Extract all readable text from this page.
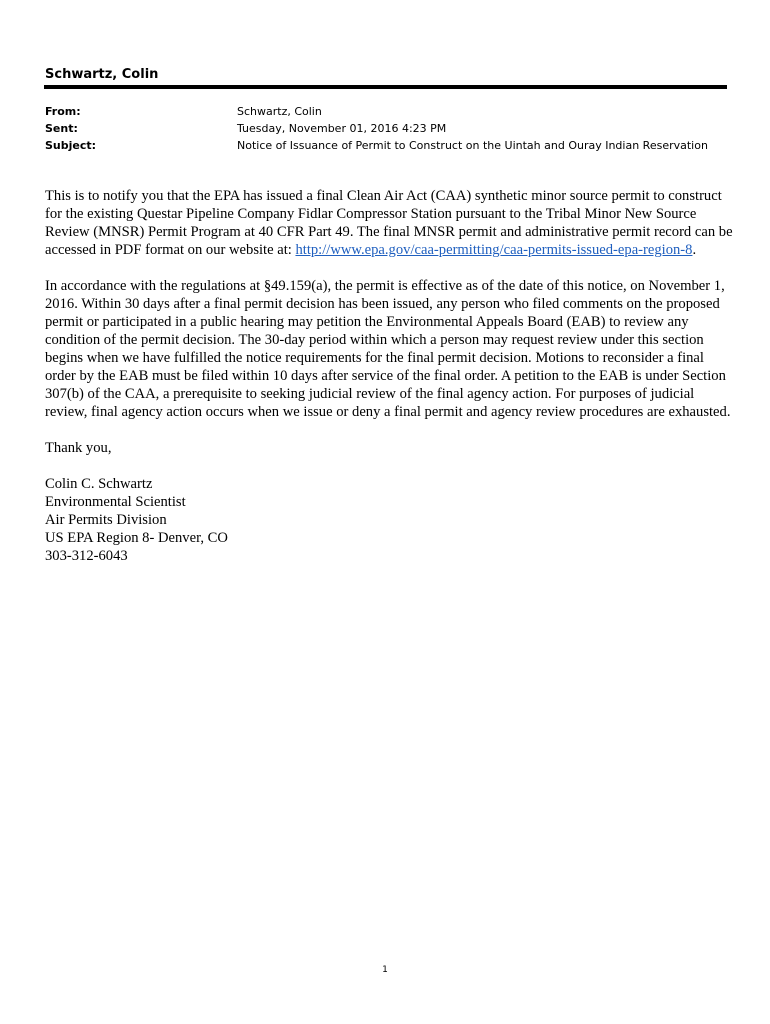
Schwartz, Colin
From:	Schwartz, Colin
Sent:	Tuesday, November 01, 2016 4:23 PM
Subject:	Notice of Issuance of Permit to Construct on the Uintah and Ouray Indian Reservation

This is to notify you that the EPA has issued a final Clean Air Act (CAA) synthetic minor source permit to construct for the existing Questar Pipeline Company Fidlar Compressor Station pursuant to the Tribal Minor New Source Review (MNSR) Permit Program at 40 CFR Part 49. The final MNSR permit and administrative permit record can be accessed in PDF format on our website at: http://www.epa.gov/caa-permitting/caa-permits-issued-epa-region-8.

In accordance with the regulations at §49.159(a), the permit is effective as of the date of this notice, on November 1, 2016. Within 30 days after a final permit decision has been issued, any person who filed comments on the proposed permit or participated in a public hearing may petition the Environmental Appeals Board (EAB) to review any condition of the permit decision. The 30-day period within which a person may request review under this section begins when we have fulfilled the notice requirements for the final permit decision. Motions to reconsider a final order by the EAB must be filed within 10 days after service of the final order. A petition to the EAB is under Section 307(b) of the CAA, a prerequisite to seeking judicial review of the final agency action. For purposes of judicial review, final agency action occurs when we issue or deny a final permit and agency review procedures are exhausted.

Thank you,

Colin C. Schwartz
Environmental Scientist
Air Permits Division
US EPA Region 8- Denver, CO
303-312-6043
1
